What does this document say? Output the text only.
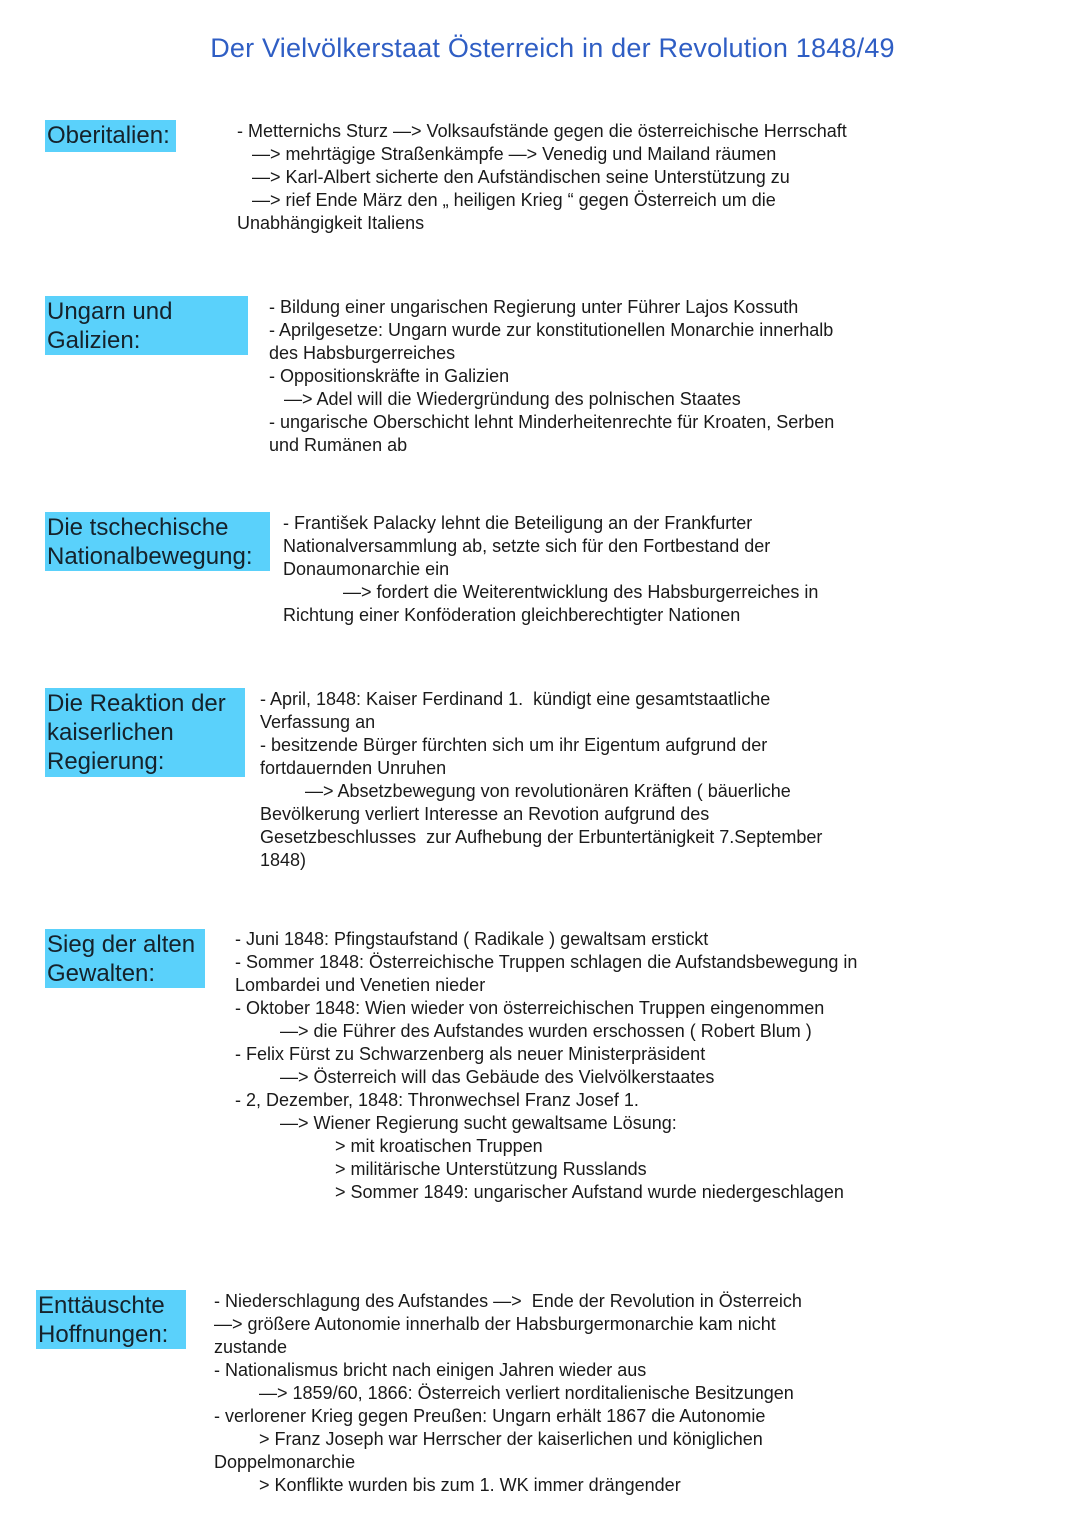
Der Vielvölkerstaat Österreich in der Revolution 1848/49
Oberitalien:	- Metternichs Sturz —> Volksaufstände gegen die österreichische Herrschaft
—> mehrtägige Straßenkämpfe —> Venedig und Mailand räumen
—> Karl-Albert sicherte den Aufständischen seine Unterstützung zu
—> rief Ende März den „ heiligen Krieg “ gegen Österreich um die
Unabhängigkeit Italiens
Ungarn und
Galizien:
- Bildung einer ungarischen Regierung unter Führer Lajos Kossuth
- Aprilgesetze: Ungarn wurde zur konstitutionellen Monarchie innerhalb
des Habsburgerreiches
- Oppositionskräfte in Galizien
—> Adel will die Wiedergründung des polnischen Staates
- ungarische Oberschicht lehnt Minderheitenrechte für Kroaten, Serben
und Rumänen ab
Die tschechische
Nationalbewegung:
- František Palacky lehnt die Beteiligung an der Frankfurter
Nationalversammlung ab, setzte sich für den Fortbestand der
Donaumonarchie ein
—> fordert die Weiterentwicklung des Habsburgerreiches in
Richtung einer Konföderation gleichberechtigter Nationen
Die Reaktion der
kaiserlichen
Regierung:
- April, 1848: Kaiser Ferdinand 1.  kündigt eine gesamtstaatliche
Verfassung an
- besitzende Bürger fürchten sich um ihr Eigentum aufgrund der
fortdauernden Unruhen
—> Absetzbewegung von revolutionären Kräften ( bäuerliche
Bevölkerung verliert Interesse an Revotion aufgrund des
Gesetzbeschlusses  zur Aufhebung der Erbuntertänigkeit 7.September
1848)
Sieg der alten
Gewalten:
- Juni 1848: Pfingstaufstand ( Radikale ) gewaltsam erstickt
- Sommer 1848: Österreichische Truppen schlagen die Aufstandsbewegung in
Lombardei und Venetien nieder
- Oktober 1848: Wien wieder von österreichischen Truppen eingenommen
—> die Führer des Aufstandes wurden erschossen ( Robert Blum )
- Felix Fürst zu Schwarzenberg als neuer Ministerpräsident
—> Österreich will das Gebäude des Vielvölkerstaates
- 2, Dezember, 1848: Thronwechsel Franz Josef 1.
—> Wiener Regierung sucht gewaltsame Lösung:
> mit kroatischen Truppen
> militärische Unterstützung Russlands
> Sommer 1849: ungarischer Aufstand wurde niedergeschlagen
Enttäuschte
Hoffnungen:
- Niederschlagung des Aufstandes —>  Ende der Revolution in Österreich
—> größere Autonomie innerhalb der Habsburgermonarchie kam nicht
zustande
- Nationalismus bricht nach einigen Jahren wieder aus
—> 1859/60, 1866: Österreich verliert norditalienische Besitzungen
- verlorener Krieg gegen Preußen: Ungarn erhält 1867 die Autonomie
> Franz Joseph war Herrscher der kaiserlichen und königlichen
Doppelmonarchie
> Konflikte wurden bis zum 1. WK immer drängender
